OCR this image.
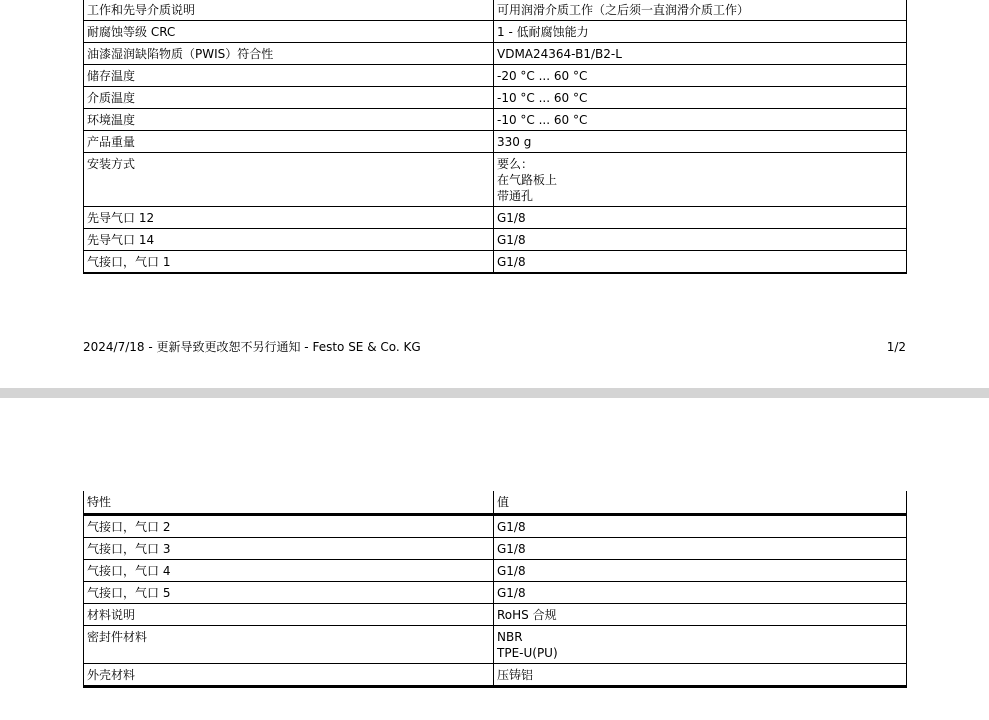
工作和先导介质说明	可用润滑介质工作（之后须一直润滑介质工作）
耐腐蚀等级 CRC	1 - 低耐腐蚀能力
油漆湿润缺陷物质（PWIS）符合性	VDMA24364-B1/B2-L
储存温度	-20 °C ... 60 °C
介质温度	-10 °C ... 60 °C
环境温度	-10 °C ... 60 °C
产品重量	330 g
安装方式	要么：
在气路板上
带通孔

先导气口 12	G1/8
先导气口 14	G1/8
气接口，气口 1	G1/8
2024/7/18 - 更新导致更改恕不另行通知 - Festo SE & Co. KG	1/2
特性	值
气接口，气口 2	G1/8
气接口，气口 3	G1/8
气接口，气口 4	G1/8
气接口，气口 5	G1/8
材料说明	RoHS 合规
密封件材料	NBR
TPE-U(PU)

外壳材料	压铸铝
